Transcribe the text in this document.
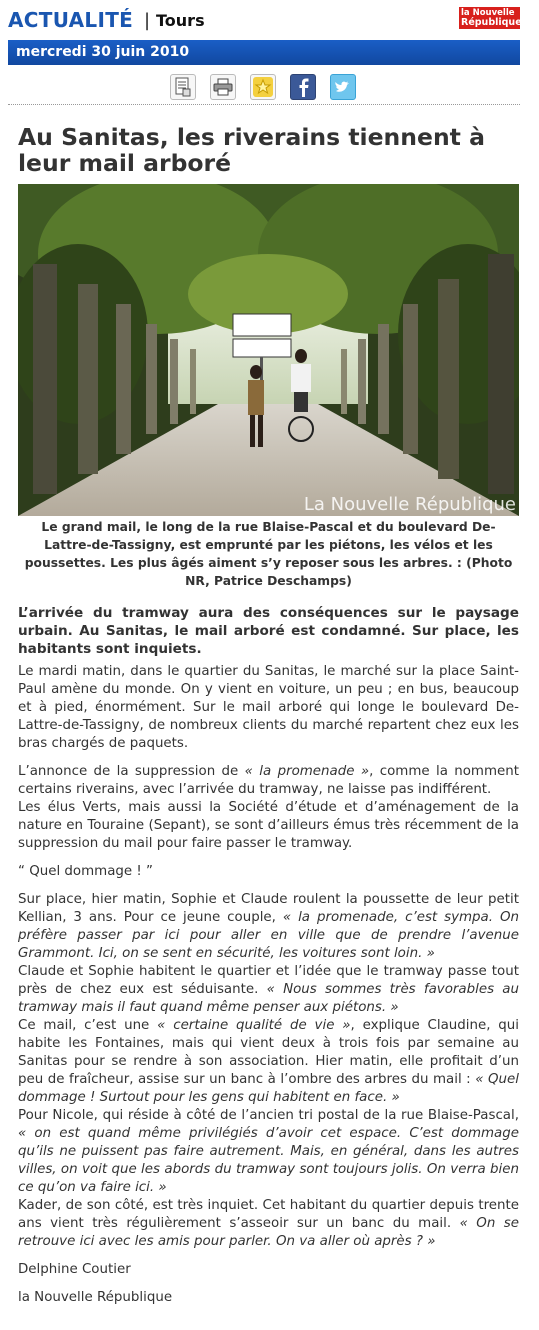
ACTUALITÉ | Tours	la Nouvelle
République
mercredi 30 juin 2010
Au Sanitas, les riverains tiennent à leur mail arboré
La Nouvelle République
Le grand mail, le long de la rue Blaise-Pascal et du boulevard De-Lattre-de-Tassigny, est emprunté par les piétons, les vélos et les poussettes. Les plus âgés aiment s’y reposer sous les arbres. : (Photo NR, Patrice Deschamps)
L’arrivée du tramway aura des conséquences sur le paysage urbain. Au Sanitas, le mail arboré est condamné. Sur place, les habitants sont inquiets.

Le mardi matin, dans le quartier du Sanitas, le marché sur la place Saint-Paul amène du monde. On y vient en voiture, un peu ; en bus, beaucoup et à pied, énormément. Sur le mail arboré qui longe le boulevard De-Lattre-de-Tassigny, de nombreux clients du marché repartent chez eux les bras chargés de paquets.

L’annonce de la suppression de « la promenade », comme la nomment certains riverains, avec l’arrivée du tramway, ne laisse pas indifférent.

Les élus Verts, mais aussi la Société d’étude et d’aménagement de la nature en Touraine (Sepant), se sont d’ailleurs émus très récemment de la suppression du mail pour faire passer le tramway.

“ Quel dommage ! ”

Sur place, hier matin, Sophie et Claude roulent la poussette de leur petit Kellian, 3 ans. Pour ce jeune couple, « la promenade, c’est sympa. On préfère passer par ici pour aller en ville que de prendre l’avenue Grammont. Ici, on se sent en sécurité, les voitures sont loin. »

Claude et Sophie habitent le quartier et l’idée que le tramway passe tout près de chez eux est séduisante. « Nous sommes très favorables au tramway mais il faut quand même penser aux piétons. »

Ce mail, c’est une « certaine qualité de vie », explique Claudine, qui habite les Fontaines, mais qui vient deux à trois fois par semaine au Sanitas pour se rendre à son association. Hier matin, elle profitait d’un peu de fraîcheur, assise sur un banc à l’ombre des arbres du mail : « Quel dommage ! Surtout pour les gens qui habitent en face. »

Pour Nicole, qui réside à côté de l’ancien tri postal de la rue Blaise-Pascal, « on est quand même privilégiés d’avoir cet espace. C’est dommage qu’ils ne puissent pas faire autrement. Mais, en général, dans les autres villes, on voit que les abords du tramway sont toujours jolis. On verra bien ce qu’on va faire ici. »

Kader, de son côté, est très inquiet. Cet habitant du quartier depuis trente ans vient très régulièrement s’asseoir sur un banc du mail. « On se retrouve ici avec les amis pour parler. On va aller où après ? »

Delphine Coutier

la Nouvelle République
